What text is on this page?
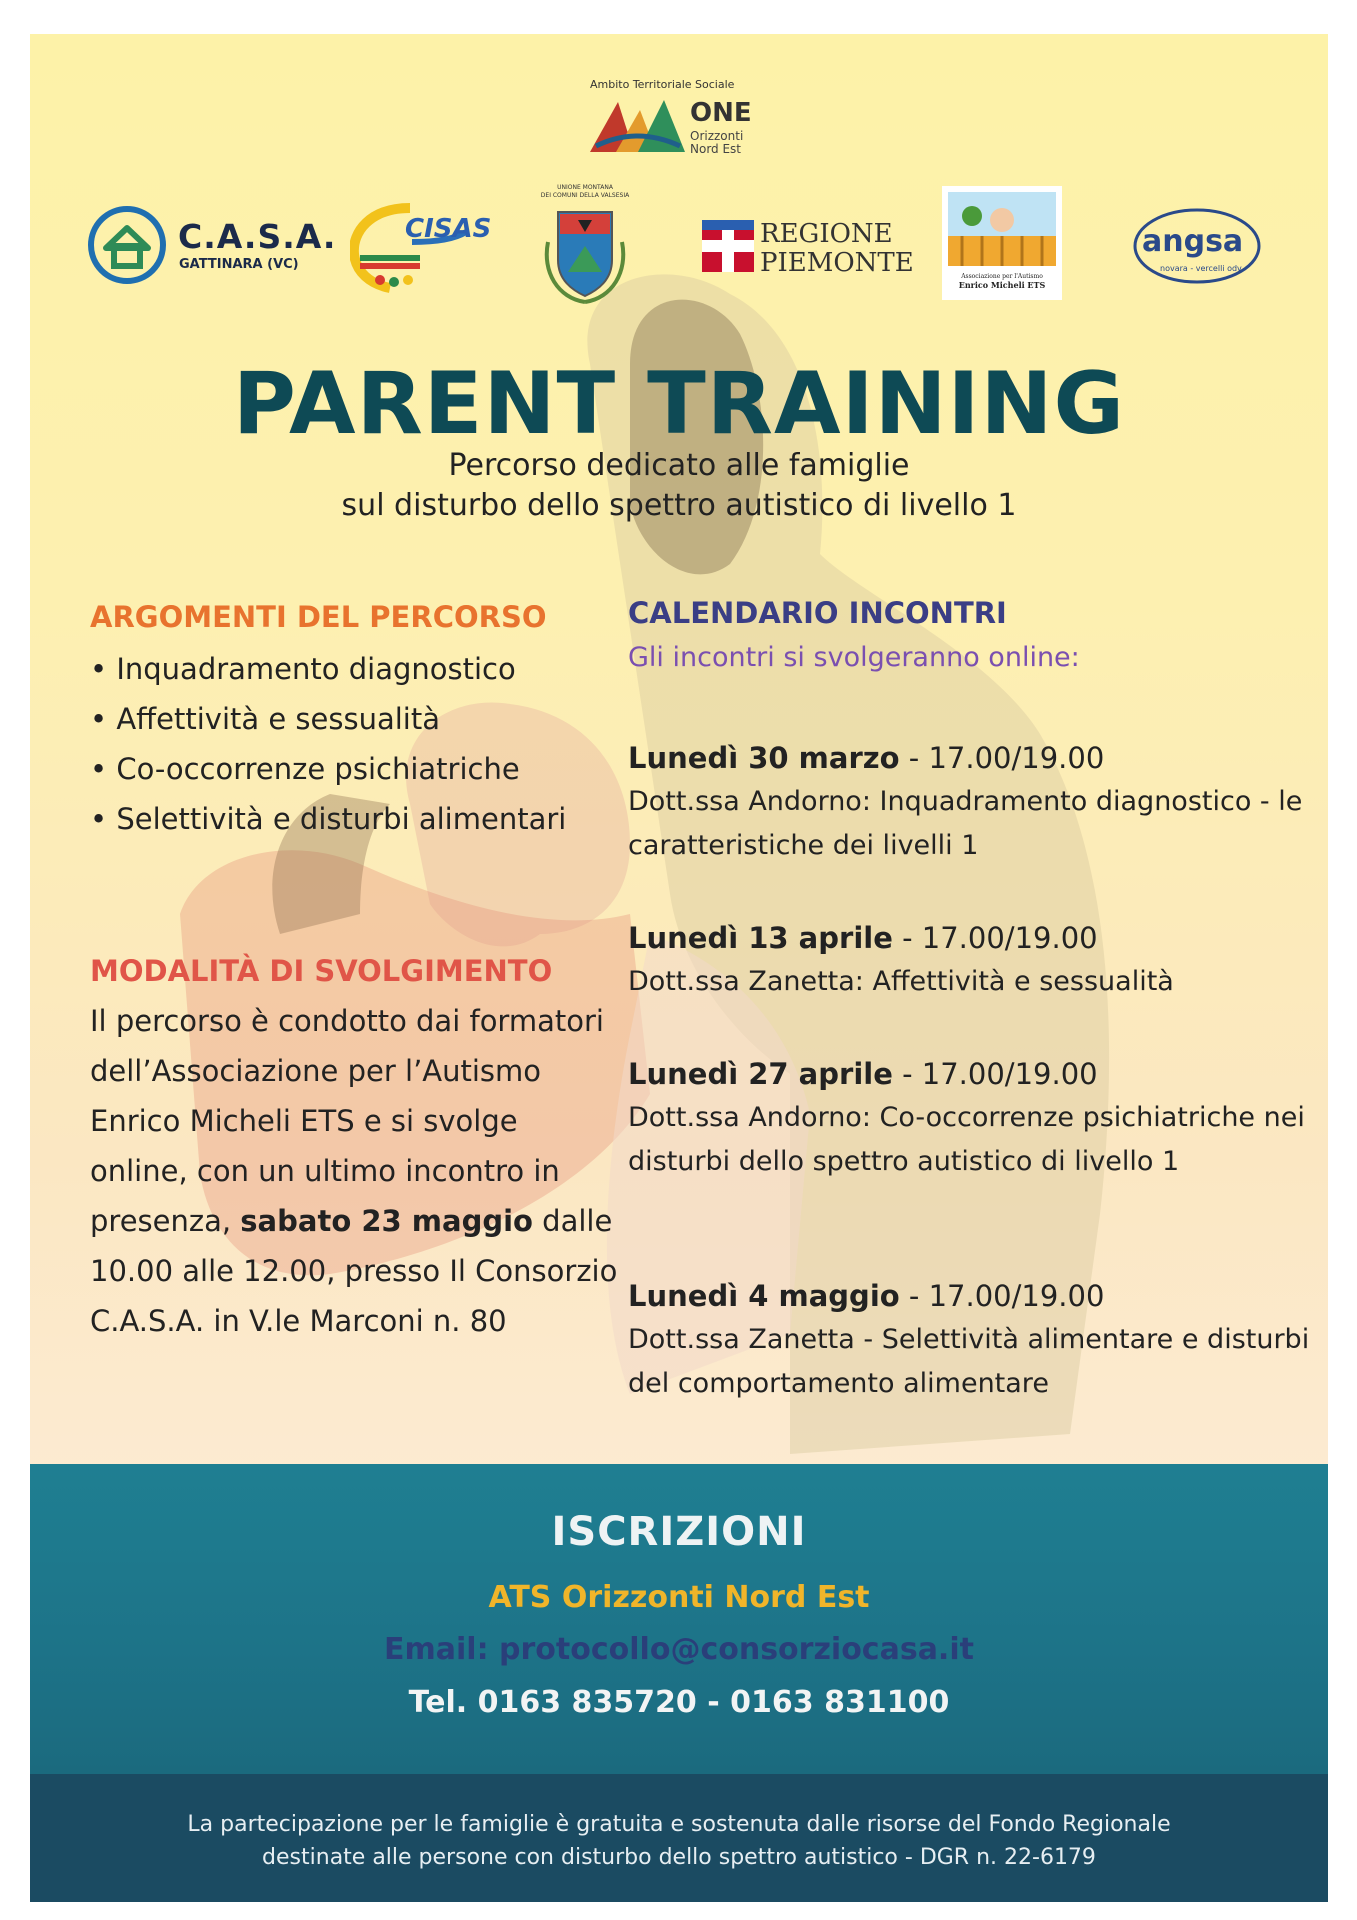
Ambito Territoriale Sociale
ONE
Orizzonti
Nord Est
C.A.S.A.
GATTINARA (VC)
CISAS
UNIONE MONTANA
DEI COMUNI DELLA VALSESIA
REGIONE
PIEMONTE	Associazione per l'Autismo
Enrico Micheli ETS
angsa
novara - vercelli odv
PARENT TRAINING
Percorso dedicato alle famiglie
sul disturbo dello spettro autistico di livello 1
ARGOMENTI DEL PERCORSO
• Inquadramento diagnostico
• Affettività e sessualità
• Co-occorrenze psichiatriche
• Selettività e disturbi alimentari
MODALITÀ DI SVOLGIMENTO

Il percorso è condotto dai formatori dell’Associazione per l’Autismo Enrico Micheli ETS e si svolge online, con un ultimo incontro in presenza, sabato 23 maggio dalle 10.00 alle 12.00, presso Il Consorzio C.A.S.A. in V.le Marconi n. 80

CALENDARIO INCONTRI
Gli incontri si svolgeranno online:
Lunedì 30 marzo - 17.00/19.00
Dott.ssa Andorno: Inquadramento diagnostico - le caratteristiche dei livelli 1
Lunedì 13 aprile - 17.00/19.00
Dott.ssa Zanetta: Affettività e sessualità
Lunedì 27 aprile - 17.00/19.00
Dott.ssa Andorno: Co-occorrenze psichiatriche nei disturbi dello spettro autistico di livello 1
Lunedì 4 maggio - 17.00/19.00
Dott.ssa Zanetta - Selettività alimentare e disturbi del comportamento alimentare
ISCRIZIONI
ATS Orizzonti Nord Est
Email: protocollo@consorziocasa.it
Tel. 0163 835720 - 0163 831100
La partecipazione per le famiglie è gratuita e sostenuta dalle risorse del Fondo Regionale
destinate alle persone con disturbo dello spettro autistico - DGR n. 22-6179
